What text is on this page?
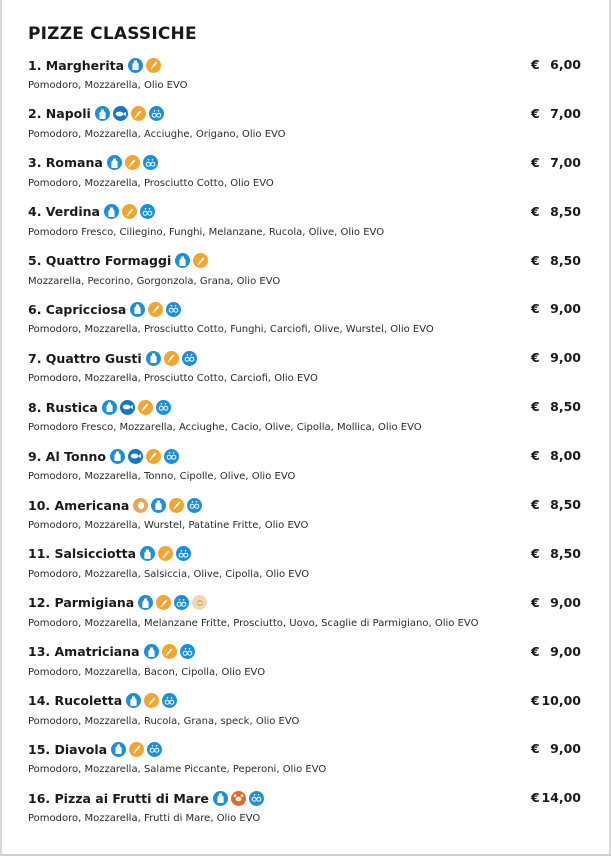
PIZZE CLASSICHE
1. Margherita	€ 6,00
Pomodoro, Mozzarella, Olio EVO
2. Napoli	€ 7,00
Pomodoro, Mozzarella, Acciughe, Origano, Olio EVO
3. Romana	€ 7,00
Pomodoro, Mozzarella, Prosciutto Cotto, Olio EVO
4. Verdina	€ 8,50
Pomodoro Fresco, Ciliegino, Funghi, Melanzane, Rucola, Olive, Olio EVO
5. Quattro Formaggi	€ 8,50
Mozzarella, Pecorino, Gorgonzola, Grana, Olio EVO
6. Capricciosa	€ 9,00
Pomodoro, Mozzarella, Prosciutto Cotto, Funghi, Carciofi, Olive, Wurstel, Olio EVO
7. Quattro Gusti	€ 9,00
Pomodoro, Mozzarella, Prosciutto Cotto, Carciofi, Olio EVO
8. Rustica	€ 8,50
Pomodoro Fresco, Mozzarella, Acciughe, Cacio, Olive, Cipolla, Mollica, Olio EVO
9. Al Tonno	€ 8,00
Pomodoro, Mozzarella, Tonno, Cipolle, Olive, Olio EVO
10. Americana	€ 8,50
Pomodoro, Mozzarella, Wurstel, Patatine Fritte, Olio EVO
11. Salsicciotta	€ 8,50
Pomodoro, Mozzarella, Salsiccia, Olive, Cipolla, Olio EVO
12. Parmigiana	€ 9,00
Pomodoro, Mozzarella, Melanzane Fritte, Prosciutto, Uovo, Scaglie di Parmigiano, Olio EVO
13. Amatriciana	€ 9,00
Pomodoro, Mozzarella, Bacon, Cipolla, Olio EVO
14. Rucoletta	€ 10,00
Pomodoro, Mozzarella, Rucola, Grana, speck, Olio EVO
15. Diavola	€ 9,00
Pomodoro, Mozzarella, Salame Piccante, Peperoni, Olio EVO
16. Pizza ai Frutti di Mare	€ 14,00
Pomodoro, Mozzarella, Frutti di Mare, Olio EVO
